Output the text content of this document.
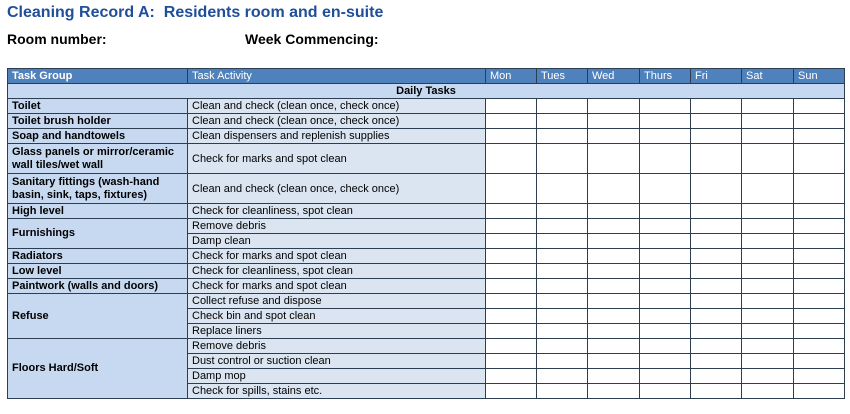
Cleaning Record A:  Residents room and en-suite
Room number:	Week Commencing:
Task Group	Task Activity	Mon	Tues	Wed	Thurs	Fri	Sat	Sun
Daily Tasks								
Toilet	Clean and check (clean once, check once)	

Toilet brush holder	Clean and check (clean once, check once)	

Soap and handtowels	Clean dispensers and replenish supplies							
Glass panels or mirror/ceramic wall tiles/wet wall	Check for marks and spot clean							
Sanitary fittings (wash-hand basin, sink, taps, fixtures)	Clean and check (clean once, check once)	

High level	Check for cleanliness, spot clean							
Furnishings	Remove debris							
	Damp clean							
Radiators	Check for marks and spot clean							
Low level	Check for cleanliness, spot clean							
Paintwork (walls and doors)	Check for marks and spot clean							
Refuse	Collect refuse and dispose							
	Check bin and spot clean							
	Replace liners							
Floors Hard/Soft	Remove debris							
	Dust control or suction clean							
	Damp mop							
	Check for spills, stains etc.							
